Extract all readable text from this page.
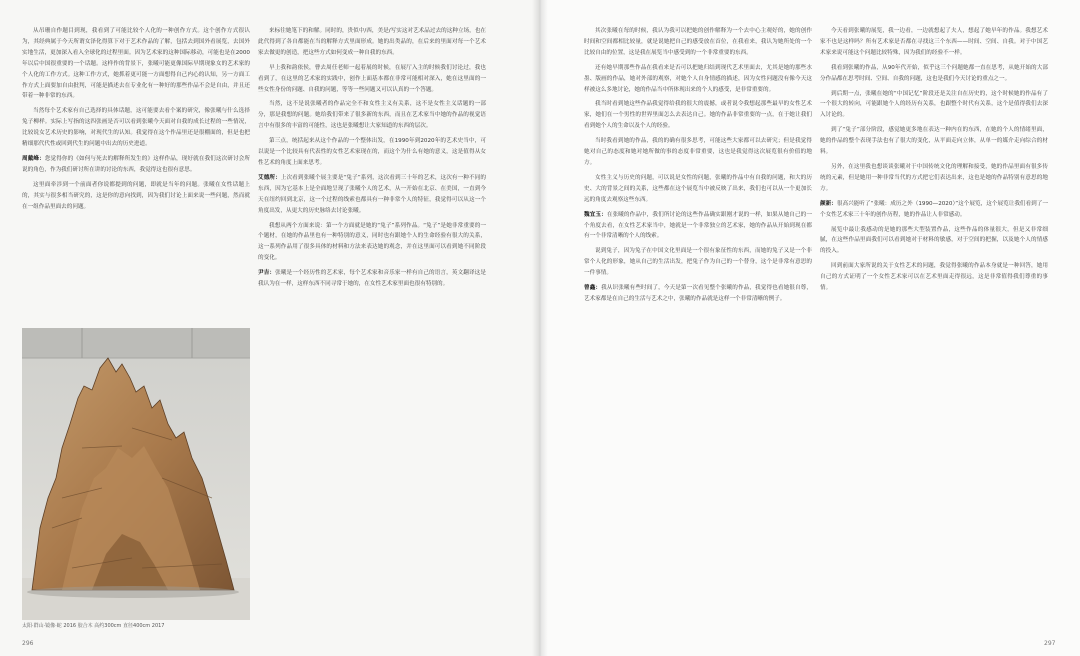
从吊珊自作题目到现，我看到了可能比较个人化的一种创作方式。这个创作方式很认为，其经典属于今天所谓女泽化得算下对于艺术作品的了解，包括去到国外看展览，去国外实地生活，更加深入看入全球化的过程里面。因为艺术家的这种国际移动，可能也是在2000年以后中国很重要的一个话题。这样作的背景下，张曦可能更像国际早期现象女的艺术家的个人化的工作方式。这种工作方式，她抓着更可能一方面想得自己内心的认知，另一方面工作方式上面要加自由批判，可能是描述去在专业化有一种好的那些作品不会是自由，并且还带着一种非常的东西。

当然每个艺术家有自己选择的具体话题，这可能要去看个案的研究，像张曦与什么选择兔子柳样。实际上写指的这四张画是否可以看到张曦今天面对自我的成长过程的一些情况，比较说女艺术历史的影响，对现代生的认知。我觉得在这个作品里还是很棚面的，但是也把精细那代代性或回到代生的问题中出去的历史进道。

周戴峰：您觉得你的《如何与死去的解释所发生的》这样作品，现好就在我们这次研讨会所说的角色，作为我们研讨所在讲的讨论的东西，我觉得这也很有意思。

这里面牵涉到一个前面者你说都提到的问题，即就是当年的问题。张曦在女性话题上的，其实与很多相当研究的，这是你的意向找到，因为我们讨论上面来说一些问题，然而就在一组作品里面去的问题。

太阳·群山·镜像·蛇 2016 胶合木 高约300cm 直径400cm 2017

来标往她笔下的和解。同时的，贵似中/西，美是/写实这对艺术品过去的这种立场，也在此代得到了各自都能在当的解释方式里面形成。她的出类品的，在后来的里面对每一个艺术家去做更的创造，把这些方式如何变成一种自我的东西。

早上我和韵依侯，曹去周任老师一起着展的时候，在展厅入主的时候我们讨论过，我也看到了，在这里的艺术家的实践中，创作上面基本都在非常可能相对深入，她在这里面的一些女性身份的问题、自我的问题，等等一些问题又可以认真的一个答题。

当然，这不是说张曦者的作品完全不和女性主义有关系，这不是女性主义话题的一部分，那是我想的问题。她给我们带来了很多新的东西，而且在艺术家当中她的作品的视觉语言中有很多的丰富的可能性，这也是张曦想让大家知道的东西的层次。

第三点，统括起来从这个作品的一个整体出发，在1990年到2020年的艺术史当中，可以说是一个比较具有代表性的女性艺术家现在的，而这个为什么有她的意义，这是值得从女性艺术的角度上面来思考。

艾德所：上次看到张曦个展主要是“兔子”系列，这次看到三十年的艺术，这次有一种不同的东西，因为它基本上是全面地呈现了张曦个人的艺术，从一开始在北京、在美国，一直到今天在纽约回到北京，这一个过程的线索也都具有一种非常个人的特征，我觉得可以从这一个角度出发，从更大的历史脉络去讨论张曦。

我想从两个方面来说：第一个方面就是她的“兔子”系列作品。“兔子”是她非常重要的一个题材，在她的作品里也有一种特别的意义，同时也有跟她个人的生命经验有很大的关系，这一系列作品用了很多具体的材料和方法来表达她的观念，并在这里面可以看到她不同阶段的变化。

尹吉：张曦是一个经历性的艺术家，每个艺术家和音乐家一样有自己的语言，英文翻译这是我认为在一样，这样东西不同寻常于她的，在女性艺术家里面也很有特别的。

296

其次张曦在每的时候，我认为我可以把她的创作解释为一个去中心主观好的，她的创作时间和空间都相比较量，就是说她把自己的感受放在首位，在我看来，我认为她所处的一个比较自由的位置，这是我在展览当中感受到的一个非常重要的东西。

还有她早期那些作品在我看来是否可以把她归结到现代艺术里面去，尤其是她的那些水墨、版画的作品，她对外部的观察，对她个人自身情感的描述，因为女性问题没有像今天这样被这么多地讨论，她的作品当中所体现出来的个人的感受，是非常重要的。

我当时看到她这些作品我觉得给我的很大的震撼，或者说令我想起那些最早的女性艺术家，她们在一个男性的世界里面怎么去表达自己。她的作品非常重要的一点，在于她让我们看到她个人的生命以及个人的经验。

当时我看到她的作品，我的的确有很多思考，可能这些大家都可以去研究；但是我觉得她对自己的态度和她对她所做的事的态度非常重要，这也是我觉得这次展览很有价值的地方。

女性主义与历史的问题，可以说是女性的问题，张曦的作品中有自我的问题，和大的历史、大的背景之间的关系，这些都在这个展览当中被反映了出来，我们也可以从一个更加长远的角度去观察这些东西。

魏宜玉：在张曦的作品中，我们所讨论的这些作品确实跟刚才说的一样，如果从她自己的一个角度去看，在女性艺术家当中，她就是一个非常独立的艺术家，她的作品从开始到现在都有一个非常清晰的个人的线索。

说到兔子，因为兔子在中国文化里面是一个很有象征性的东西，而她的兔子又是一个非常个人化的形象，她从自己的生活出发，把兔子作为自己的一个替身，这个是非常有意思的一件事情。

曾鑫：我从识张曦有些时间了，今天是第一次看见整个张曦的作品，我觉得也看她很自尊，艺术家都是在自己的生活与艺术之中，张曦的作品就是这样一个非常清晰的例子。

今天看到张曦的展览，我一边看，一边就想起了夫人，想起了她早年的作品。我想艺术家不也是这样吗？所有艺术家是否都在寻找这三个东西——时间、空间、自我。对于中国艺术家来说可能这个问题比较特殊，因为我们的经验不一样。

我看到张曦的作品，从90年代开始，似乎这三个问题她都一直在思考，从她开始的大部分作品都在思考时间、空间、自我的问题，这也是我们今天讨论的重点之一。

到后期一点，张曦在她的“中国记忆”阶段还是关注自在历史的，这个时候她的作品有了一个很大的转向，可能跟她个人的经历有关系，也跟整个时代有关系，这个是值得我们去深入讨论的。

到了“兔子”部分阶段，感觉她更多地在表达一种内在的东西，在她的个人的情绪里面，她的作品的整个表现手法也有了很大的变化，从平面走向立体，从单一的媒介走向综合的材料。

另外，在这里我也想谈谈张曦对于中国传统文化的理解和接受，她的作品里面有很多传统的元素，但是她用一种非常当代的方式把它们表达出来，这也是她的作品特别有意思的地方。

颜新：很高兴能听了“张曦：成历之外（1990—2020）”这个展览，这个展览让我们看到了一个女性艺术家三十年的创作历程，她的作品让人非常感动。

展览中最让我感动的是她的那些大型装置作品，这些作品的体量很大，但是又非常细腻，在这些作品里面我们可以看到她对于材料的敏感，对于空间的把握，以及她个人的情感的投入。

回到前面大家所说的关于女性艺术的问题，我觉得张曦的作品本身就是一种回答，她用自己的方式证明了一个女性艺术家可以在艺术里面走得很远，这是非常值得我们尊重的事情。

297
